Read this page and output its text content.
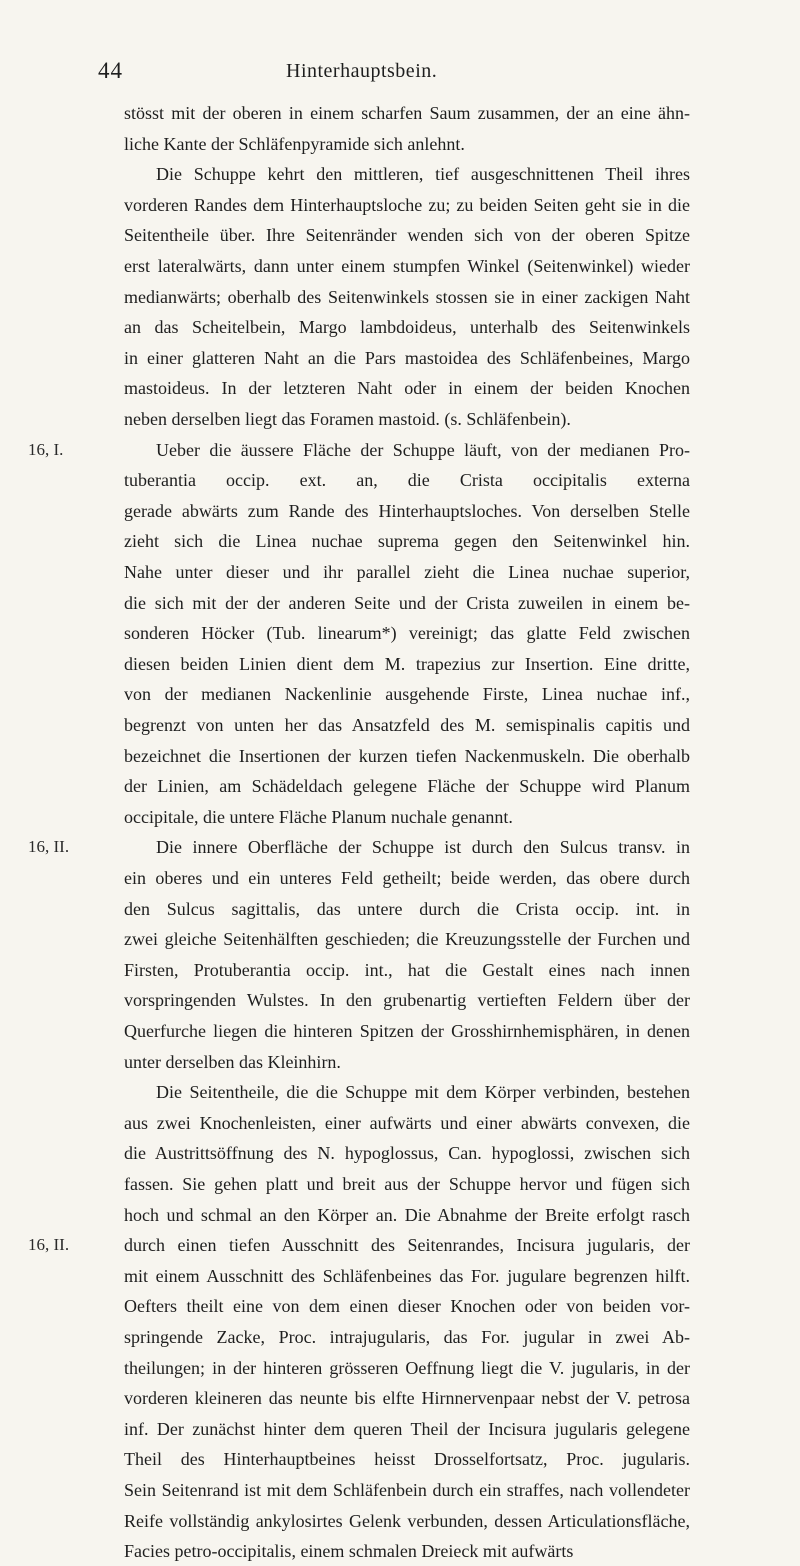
44	Hinterhauptsbein.
16, I.
16, II.
16, II.
stösst mit der oberen in einem scharfen Saum zusammen, der an eine ähn-
liche Kante der Schläfenpyramide sich anlehnt.
Die Schuppe kehrt den mittleren, tief ausgeschnittenen Theil ihres
vorderen Randes dem Hinterhauptsloche zu; zu beiden Seiten geht sie in die
Seitentheile über. Ihre Seitenränder wenden sich von der oberen Spitze
erst lateralwärts, dann unter einem stumpfen Winkel (Seitenwinkel) wieder
medianwärts; oberhalb des Seitenwinkels stossen sie in einer zackigen Naht
an das Scheitelbein, Margo lambdoideus, unterhalb des Seitenwinkels
in einer glatteren Naht an die Pars mastoidea des Schläfenbeines, Margo
mastoideus. In der letzteren Naht oder in einem der beiden Knochen
neben derselben liegt das Foramen mastoid. (s. Schläfenbein).
Ueber die äussere Fläche der Schuppe läuft, von der medianen Pro-
tuberantia occip. ext. an, die Crista occipitalis externa
gerade abwärts zum Rande des Hinterhauptsloches. Von derselben Stelle
zieht sich die Linea nuchae suprema gegen den Seitenwinkel hin.
Nahe unter dieser und ihr parallel zieht die Linea nuchae superior,
die sich mit der der anderen Seite und der Crista zuweilen in einem be-
sonderen Höcker (Tub. linearum*) vereinigt; das glatte Feld zwischen
diesen beiden Linien dient dem M. trapezius zur Insertion. Eine dritte,
von der medianen Nackenlinie ausgehende Firste, Linea nuchae inf.,
begrenzt von unten her das Ansatzfeld des M. semispinalis capitis und
bezeichnet die Insertionen der kurzen tiefen Nackenmuskeln. Die oberhalb
der Linien, am Schädeldach gelegene Fläche der Schuppe wird Planum
occipitale, die untere Fläche Planum nuchale genannt.
Die innere Oberfläche der Schuppe ist durch den Sulcus transv. in
ein oberes und ein unteres Feld getheilt; beide werden, das obere durch
den Sulcus sagittalis, das untere durch die Crista occip. int. in
zwei gleiche Seitenhälften geschieden; die Kreuzungsstelle der Furchen und
Firsten, Protuberantia occip. int., hat die Gestalt eines nach innen
vorspringenden Wulstes. In den grubenartig vertieften Feldern über der
Querfurche liegen die hinteren Spitzen der Grosshirnhemisphären, in denen
unter derselben das Kleinhirn.
Die Seitentheile, die die Schuppe mit dem Körper verbinden, bestehen
aus zwei Knochenleisten, einer aufwärts und einer abwärts convexen, die
die Austrittsöffnung des N. hypoglossus, Can. hypoglossi, zwischen sich
fassen. Sie gehen platt und breit aus der Schuppe hervor und fügen sich
hoch und schmal an den Körper an. Die Abnahme der Breite erfolgt rasch
durch einen tiefen Ausschnitt des Seitenrandes, Incisura jugularis, der
mit einem Ausschnitt des Schläfenbeines das For. jugulare begrenzen hilft.
Oefters theilt eine von dem einen dieser Knochen oder von beiden vor-
springende Zacke, Proc. intrajugularis, das For. jugular in zwei Ab-
theilungen; in der hinteren grösseren Oeffnung liegt die V. jugularis, in der
vorderen kleineren das neunte bis elfte Hirnnervenpaar nebst der V. petrosa
inf. Der zunächst hinter dem queren Theil der Incisura jugularis gelegene
Theil des Hinterhauptbeines heisst Drosselfortsatz, Proc. jugularis.
Sein Seitenrand ist mit dem Schläfenbein durch ein straffes, nach vollendeter
Reife vollständig ankylosirtes Gelenk verbunden, dessen Articulationsfläche,
Facies petro-occipitalis, einem schmalen Dreieck mit aufwärts
